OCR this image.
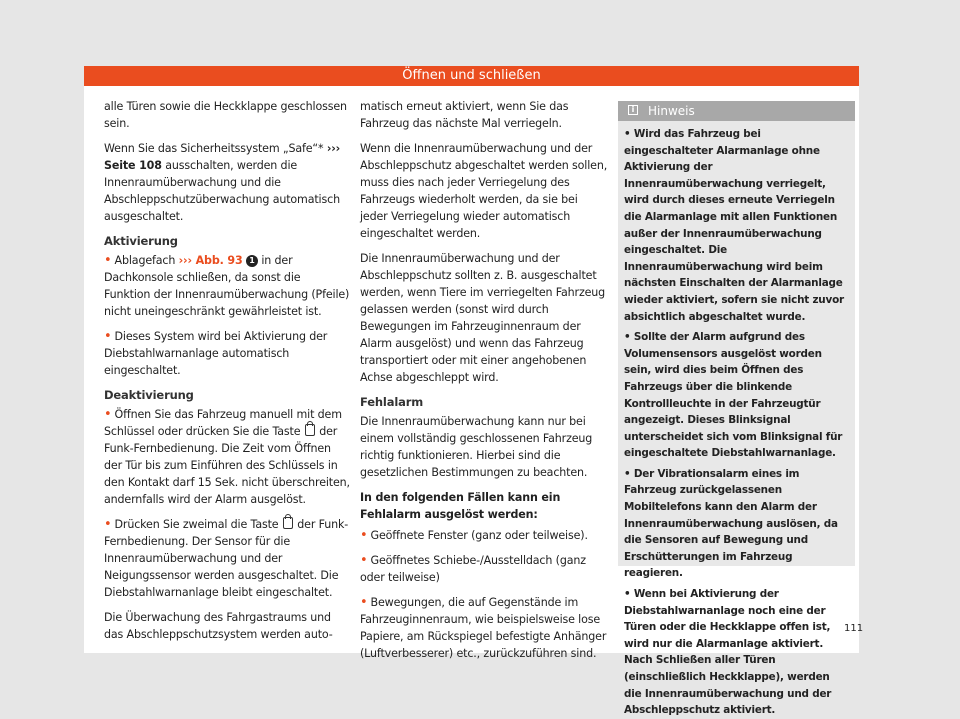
Öffnen und schließen

alle Türen sowie die Heckklappe geschlossen sein.

Wenn Sie das Sicherheitssystem „Safe“* ››› Seite 108 ausschalten, werden die Innenraumüberwachung und die Abschleppschutzüberwachung automatisch ausgeschaltet.

Aktivierung

• Ablagefach ››› Abb. 93 1 in der Dachkonsole schließen, da sonst die Funktion der Innenraumüberwachung (Pfeile) nicht uneingeschränkt gewährleistet ist.

• Dieses System wird bei Aktivierung der Diebstahlwarnanlage automatisch eingeschaltet.

Deaktivierung

• Öffnen Sie das Fahrzeug manuell mit dem Schlüssel oder drücken Sie die Taste  der Funk-Fernbedienung. Die Zeit vom Öffnen der Tür bis zum Einführen des Schlüssels in den Kontakt darf 15 Sek. nicht überschreiten, andernfalls wird der Alarm ausgelöst.

• Drücken Sie zweimal die Taste  der Funk-Fernbedienung. Der Sensor für die Innenraumüberwachung und der Neigungssensor werden ausgeschaltet. Die Diebstahlwarnanlage bleibt eingeschaltet.

Die Überwachung des Fahrgastraums und das Abschleppschutzsystem werden auto-

matisch erneut aktiviert, wenn Sie das Fahrzeug das nächste Mal verriegeln.

Wenn die Innenraumüberwachung und der Abschleppschutz abgeschaltet werden sollen, muss dies nach jeder Verriegelung des Fahrzeugs wiederholt werden, da sie bei jeder Verriegelung wieder automatisch eingeschaltet werden.

Die Innenraumüberwachung und der Abschleppschutz sollten z. B. ausgeschaltet werden, wenn Tiere im verriegelten Fahrzeug gelassen werden (sonst wird durch Bewegungen im Fahrzeuginnenraum der Alarm ausgelöst) und wenn das Fahrzeug transportiert oder mit einer angehobenen Achse abgeschleppt wird.

Fehlalarm

Die Innenraumüberwachung kann nur bei einem vollständig geschlossenen Fahrzeug richtig funktionieren. Hierbei sind die gesetzlichen Bestimmungen zu beachten.

In den folgenden Fällen kann ein Fehlalarm ausgelöst werden:

• Geöffnete Fenster (ganz oder teilweise).

• Geöffnetes Schiebe-/Ausstelldach (ganz oder teilweise)

• Bewegungen, die auf Gegenstände im Fahrzeuginnenraum, wie beispielsweise lose Papiere, am Rückspiegel befestigte Anhänger (Luftverbesserer) etc., zurückzuführen sind.

i	Hinweis

• Wird das Fahrzeug bei eingeschalteter Alarmanlage ohne Aktivierung der Innenraumüberwachung verriegelt, wird durch dieses erneute Verriegeln die Alarmanlage mit allen Funktionen außer der Innenraumüberwachung eingeschaltet. Die Innenraumüberwachung wird beim nächsten Einschalten der Alarmanlage wieder aktiviert, sofern sie nicht zuvor absichtlich abgeschaltet wurde.

• Sollte der Alarm aufgrund des Volumensensors ausgelöst worden sein, wird dies beim Öffnen des Fahrzeugs über die blinkende Kontrollleuchte in der Fahrzeugtür angezeigt. Dieses Blinksignal unterscheidet sich vom Blinksignal für eingeschaltete Diebstahlwarnanlage.

• Der Vibrationsalarm eines im Fahrzeug zurückgelassenen Mobiltelefons kann den Alarm der Innenraumüberwachung auslösen, da die Sensoren auf Bewegung und Erschütterungen im Fahrzeug reagieren.

• Wenn bei Aktivierung der Diebstahlwarnanlage noch eine der Türen oder die Heckklappe offen ist, wird nur die Alarmanlage aktiviert. Nach Schließen aller Türen (einschließlich Heckklappe), werden die Innenraumüberwachung und der Abschleppschutz aktiviert.

111
